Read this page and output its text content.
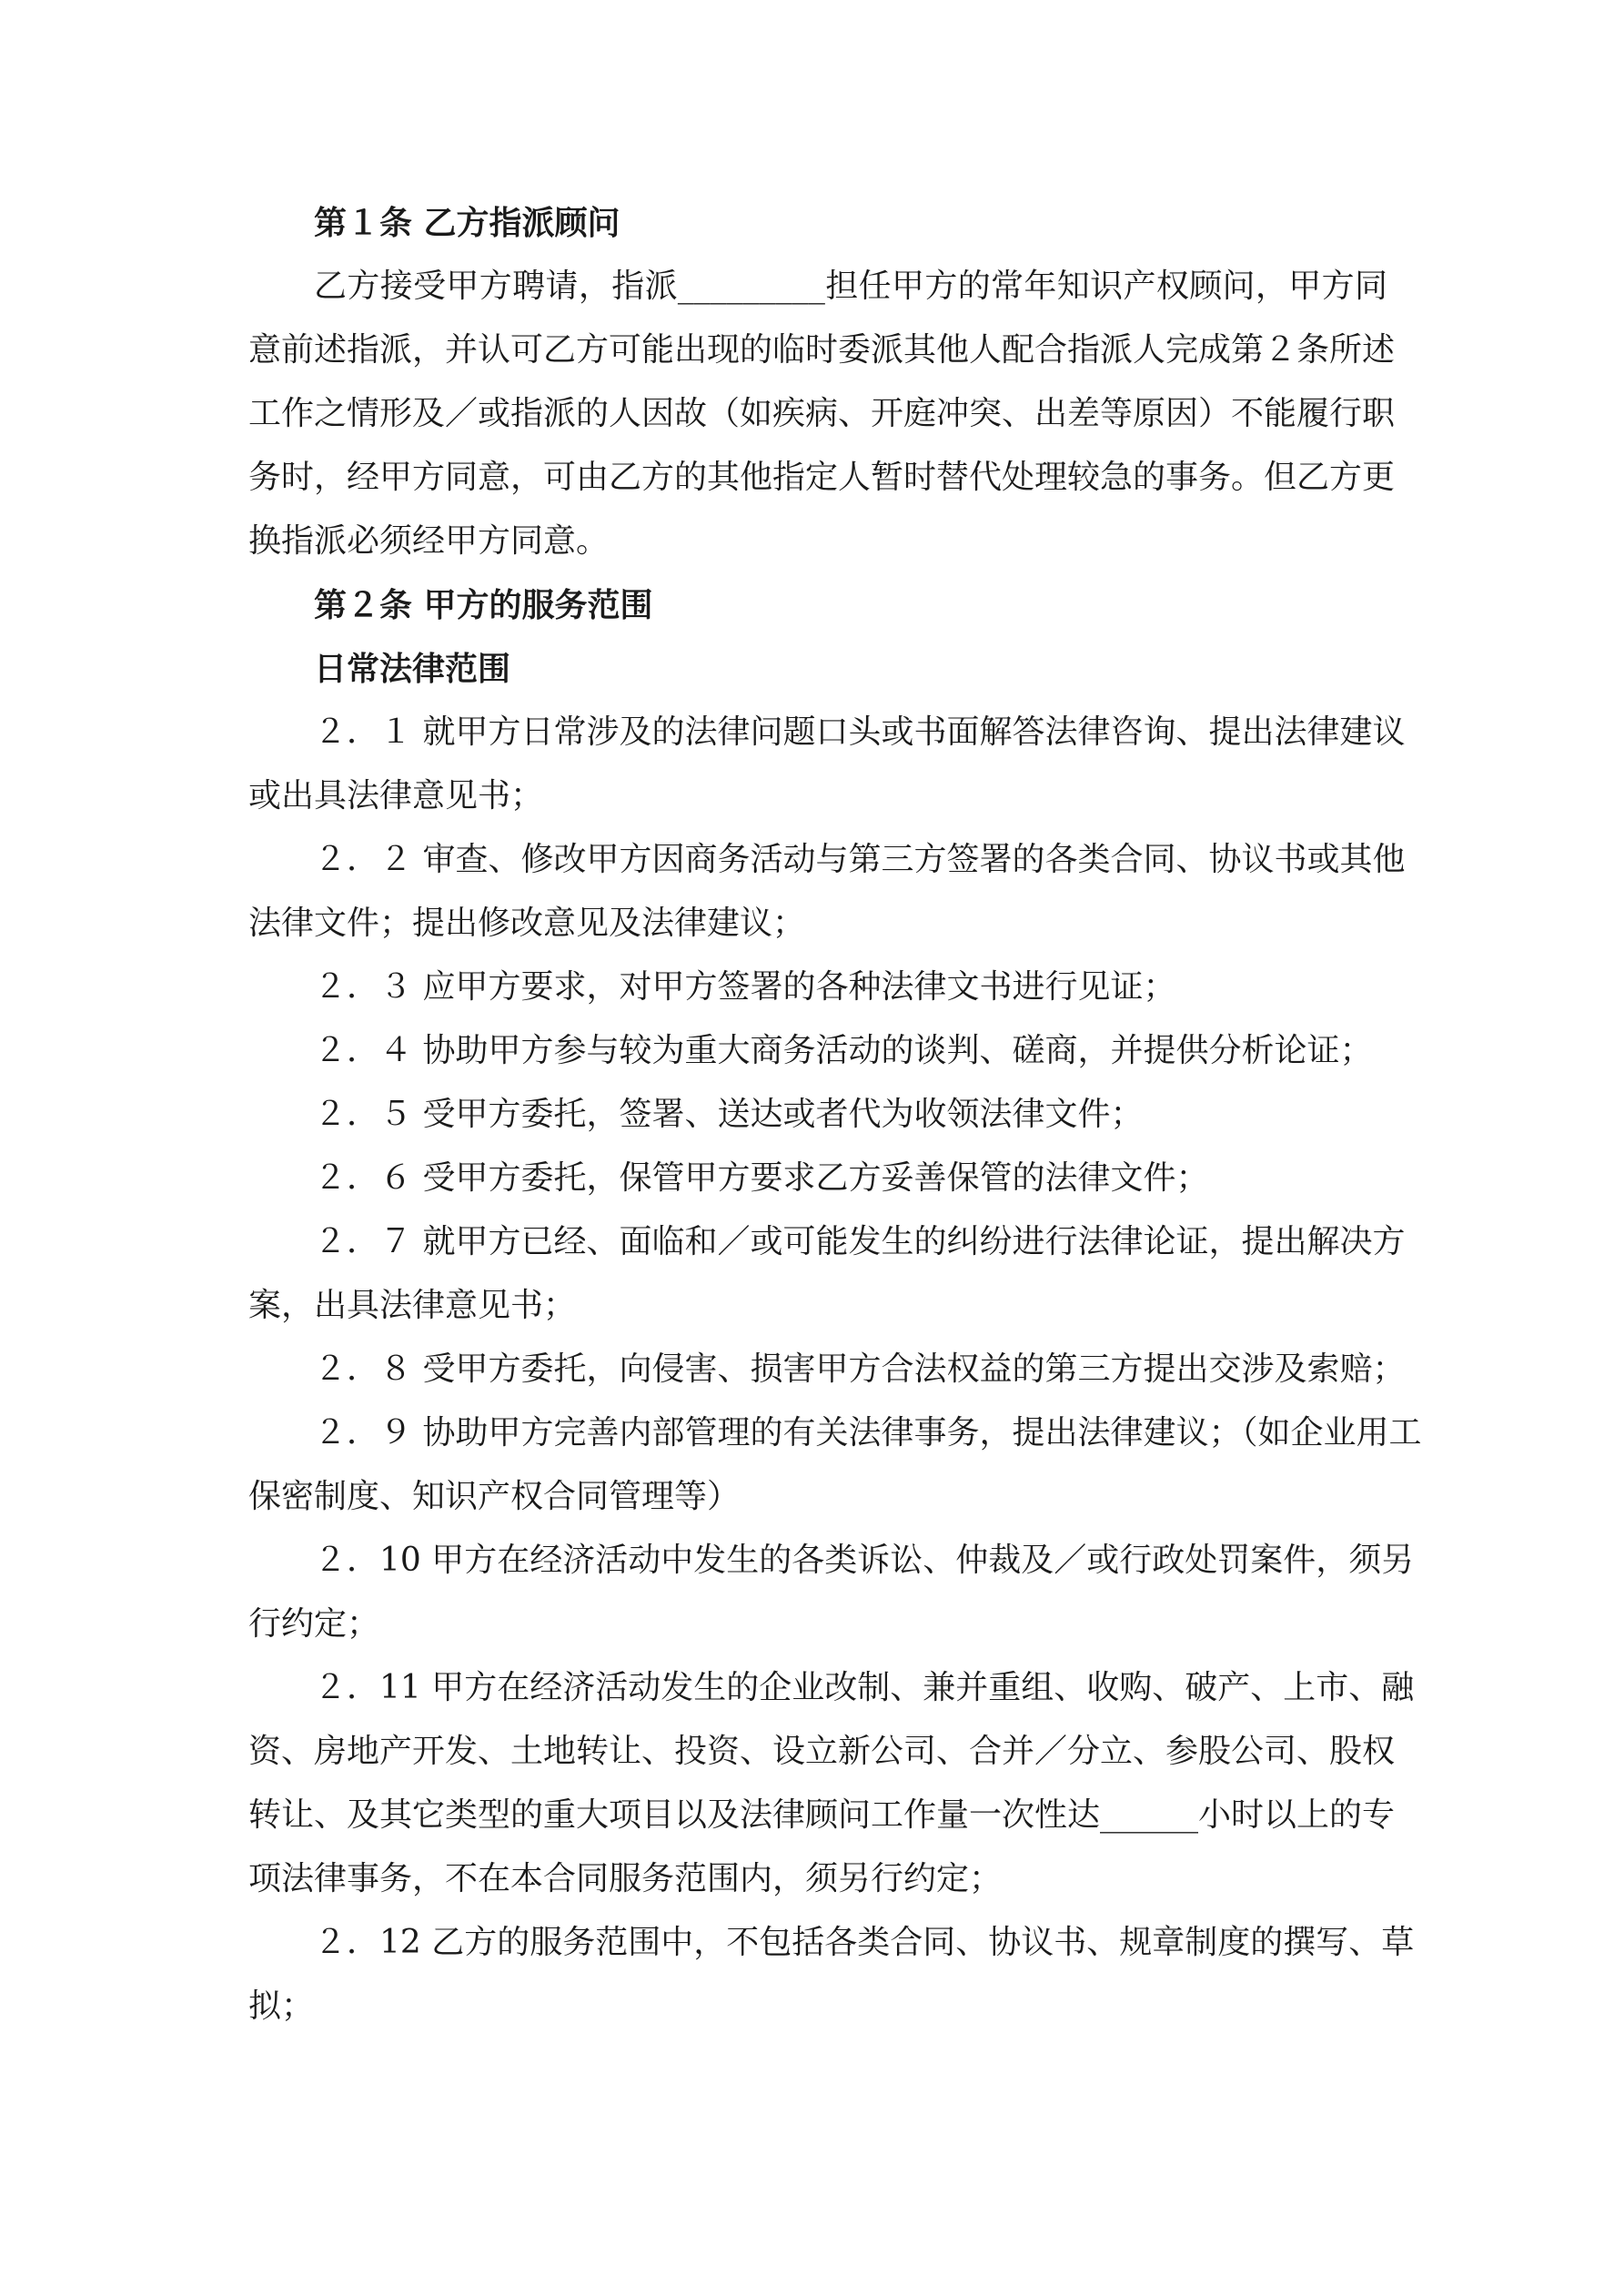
第１条 乙方指派顾问
乙方接受甲方聘请，指派_________担任甲方的常年知识产权顾问，甲方同
意前述指派，并认可乙方可能出现的临时委派其他人配合指派人完成第２条所述
工作之情形及／或指派的人因故（如疾病、开庭冲突、出差等原因）不能履行职
务时，经甲方同意，可由乙方的其他指定人暂时替代处理较急的事务。但乙方更
换指派必须经甲方同意。
第２条 甲方的服务范围
日常法律范围
２．１ 就甲方日常涉及的法律问题口头或书面解答法律咨询、提出法律建议
或出具法律意见书；
２．２ 审查、修改甲方因商务活动与第三方签署的各类合同、协议书或其他
法律文件；提出修改意见及法律建议；
２．３ 应甲方要求，对甲方签署的各种法律文书进行见证；
２．４ 协助甲方参与较为重大商务活动的谈判、磋商，并提供分析论证；
２．５ 受甲方委托，签署、送达或者代为收领法律文件；
２．６ 受甲方委托，保管甲方要求乙方妥善保管的法律文件；
２．７ 就甲方已经、面临和／或可能发生的纠纷进行法律论证，提出解决方
案，出具法律意见书；
２．８ 受甲方委托，向侵害、损害甲方合法权益的第三方提出交涉及索赔；
２．９ 协助甲方完善内部管理的有关法律事务，提出法律建议；（如企业用工
保密制度、知识产权合同管理等）
２．10 甲方在经济活动中发生的各类诉讼、仲裁及／或行政处罚案件，须另
行约定；
２．11 甲方在经济活动发生的企业改制、兼并重组、收购、破产、上市、融
资、房地产开发、土地转让、投资、设立新公司、合并／分立、参股公司、股权
转让、及其它类型的重大项目以及法律顾问工作量一次性达______小时以上的专
项法律事务，不在本合同服务范围内，须另行约定；
２．12 乙方的服务范围中，不包括各类合同、协议书、规章制度的撰写、草
拟；
